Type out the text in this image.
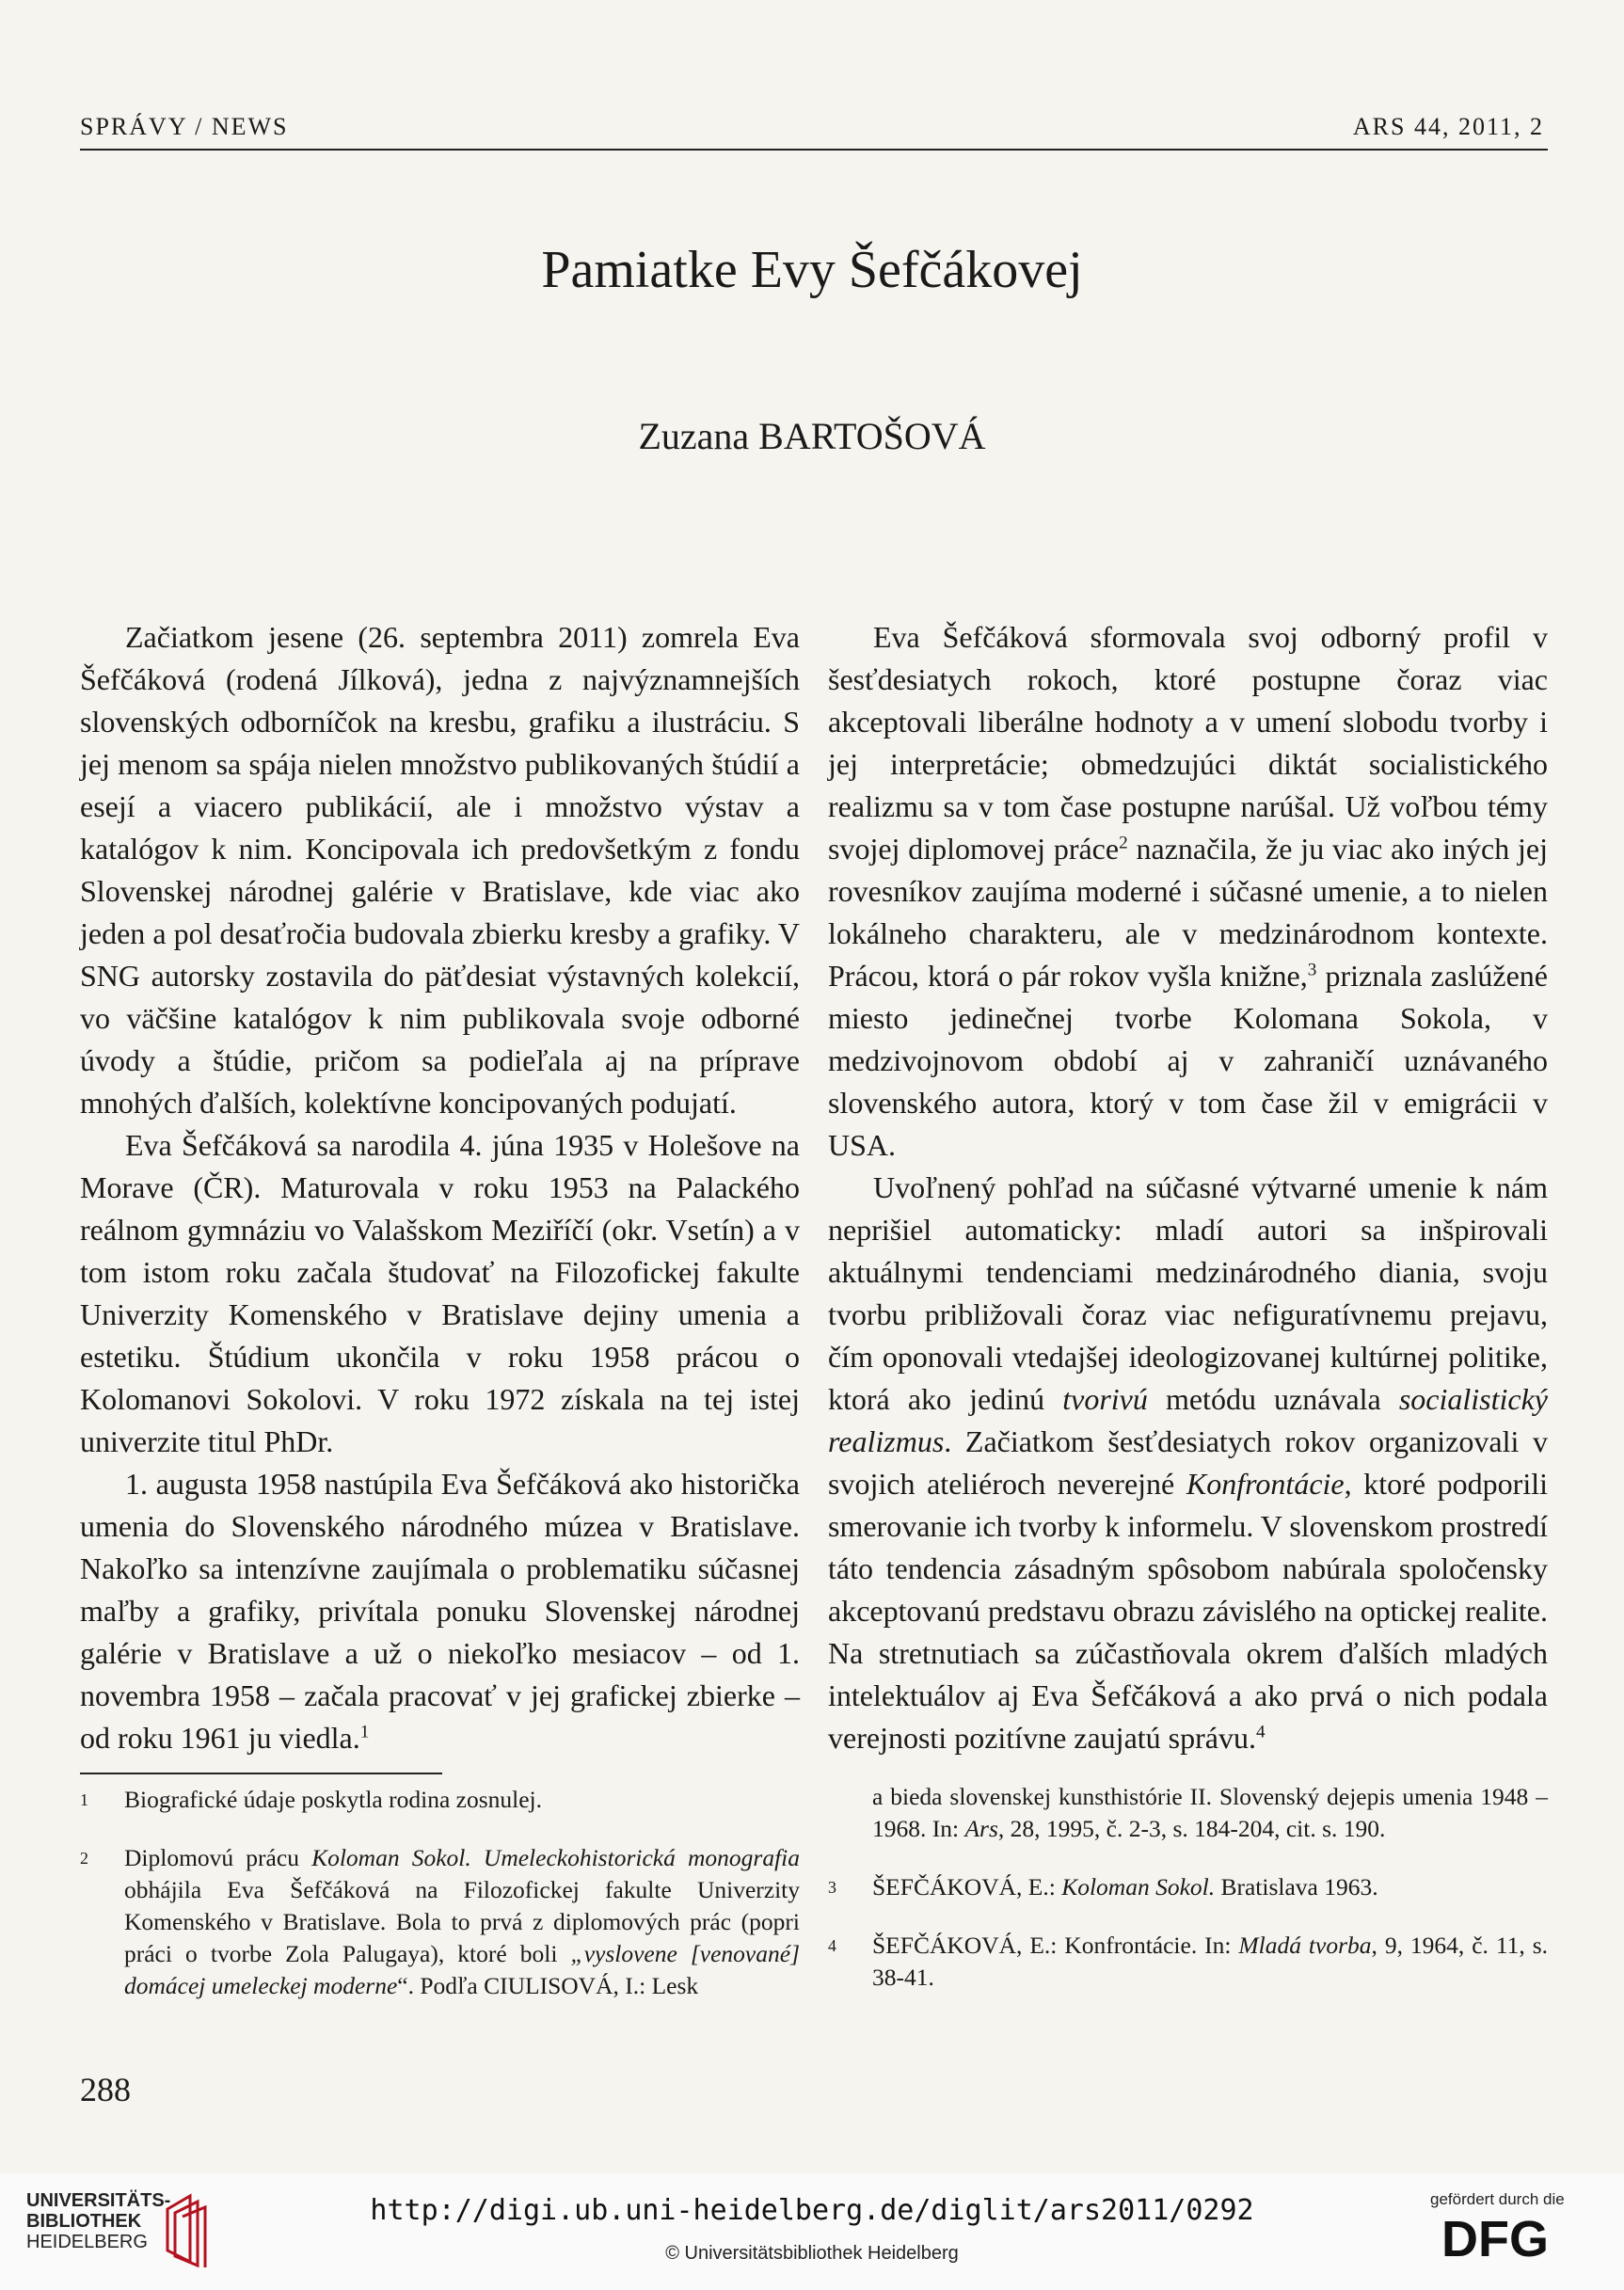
SPRÁVY / NEWS	ARS 44, 2011, 2
Pamiatke Evy Šefčákovej
Zuzana BARTOŠOVÁ

Začiatkom jesene (26. septembra 2011) zomrela Eva Šefčáková (rodená Jílková), jedna z najvýznamnejších slovenských odborníčok na kresbu, grafiku a ilustráciu. S jej menom sa spája nielen množstvo publikovaných štúdií a esejí a viacero publikácií, ale i množstvo výstav a katalógov k nim. Koncipovala ich predovšetkým z fondu Slovenskej národnej galérie v Bratislave, kde viac ako jeden a pol desaťročia budovala zbierku kresby a grafiky. V SNG autorsky zostavila do päťdesiat výstavných kolekcií, vo väčšine katalógov k nim publikovala svoje odborné úvody a štúdie, pričom sa podieľala aj na príprave mnohých ďalších, kolektívne koncipovaných podujatí.

Eva Šefčáková sa narodila 4. júna 1935 v Holešove na Morave (ČR). Maturovala v roku 1953 na Palackého reálnom gymnáziu vo Valašskom Meziříčí (okr. Vsetín) a v tom istom roku začala študovať na Filozofickej fakulte Univerzity Komenského v Bratislave dejiny umenia a estetiku. Štúdium ukončila v roku 1958 prácou o Kolomanovi Sokolovi. V roku 1972 získala na tej istej univerzite titul PhDr.

1. augusta 1958 nastúpila Eva Šefčáková ako historička umenia do Slovenského národného múzea v Bratislave. Nakoľko sa intenzívne zaujímala o problematiku súčasnej maľby a grafiky, privítala ponuku Slovenskej národnej galérie v Bratislave a už o niekoľko mesiacov – od 1. novembra 1958 – začala pracovať v jej grafickej zbierke – od roku 1961 ju viedla.$^1$

Eva Šefčáková sformovala svoj odborný profil v šesťdesiatych rokoch, ktoré postupne čoraz viac akceptovali liberálne hodnoty a v umení slobodu tvorby i jej interpretácie; obmedzujúci diktát socialistického realizmu sa v tom čase postupne narúšal. Už voľbou témy svojej diplomovej práce$^2$ naznačila, že ju viac ako iných jej rovesníkov zaujíma moderné i súčasné umenie, a to nielen lokálneho charakteru, ale v medzinárodnom kontexte. Prácou, ktorá o pár rokov vyšla knižne,$^3$ priznala zaslúžené miesto jedinečnej tvorbe Kolomana Sokola, v medzivojnovom období aj v zahraničí uznávaného slovenského autora, ktorý v tom čase žil v emigrácii v USA.

Uvoľnený pohľad na súčasné výtvarné umenie k nám neprišiel automaticky: mladí autori sa inšpirovali aktuálnymi tendenciami medzinárodného diania, svoju tvorbu približovali čoraz viac nefiguratívnemu prejavu, čím oponovali vtedajšej ideologizovanej kultúrnej politike, ktorá ako jedinú tvorivú metódu uznávala socialistický realizmus. Začiatkom šesťdesiatych rokov organizovali v svojich ateliéroch neverejné Konfrontácie, ktoré podporili smerovanie ich tvorby k informelu. V slovenskom prostredí táto tendencia zásadným spôsobom nabúrala spoločensky akceptovanú predstavu obrazu závislého na optickej realite. Na stretnutiach sa zúčastňovala okrem ďalších mladých intelektuálov aj Eva Šefčáková a ako prvá o nich podala verejnosti pozitívne zaujatú správu.$^4$

1 Biografické údaje poskytla rodina zosnulej.

2 Diplomovú prácu Koloman Sokol. Umeleckohistorická monografia obhájila Eva Šefčáková na Filozofickej fakulte Univerzity Komenského v Bratislave. Bola to prvá z diplomových prác (popri práci o tvorbe Zola Palugaya), ktoré boli „vyslovene [venované] domácej umeleckej moderne“. Podľa CIULISOVÁ, I.: Lesk

a bieda slovenskej kunsthistórie II. Slovenský dejepis umenia 1948 – 1968. In: Ars, 28, 1995, č. 2-3, s. 184-204, cit. s. 190.

3 ŠEFČÁKOVÁ, E.: Koloman Sokol. Bratislava 1963.

4 ŠEFČÁKOVÁ, E.: Konfrontácie. In: Mladá tvorba, 9, 1964, č. 11, s. 38-41.

288
UNIVERSITÄTS-
BIBLIOTHEK
HEIDELBERG
http://digi.ub.uni-heidelberg.de/diglit/ars2011/0292
© Universitätsbibliothek Heidelberg
gefördert durch die
DFG
